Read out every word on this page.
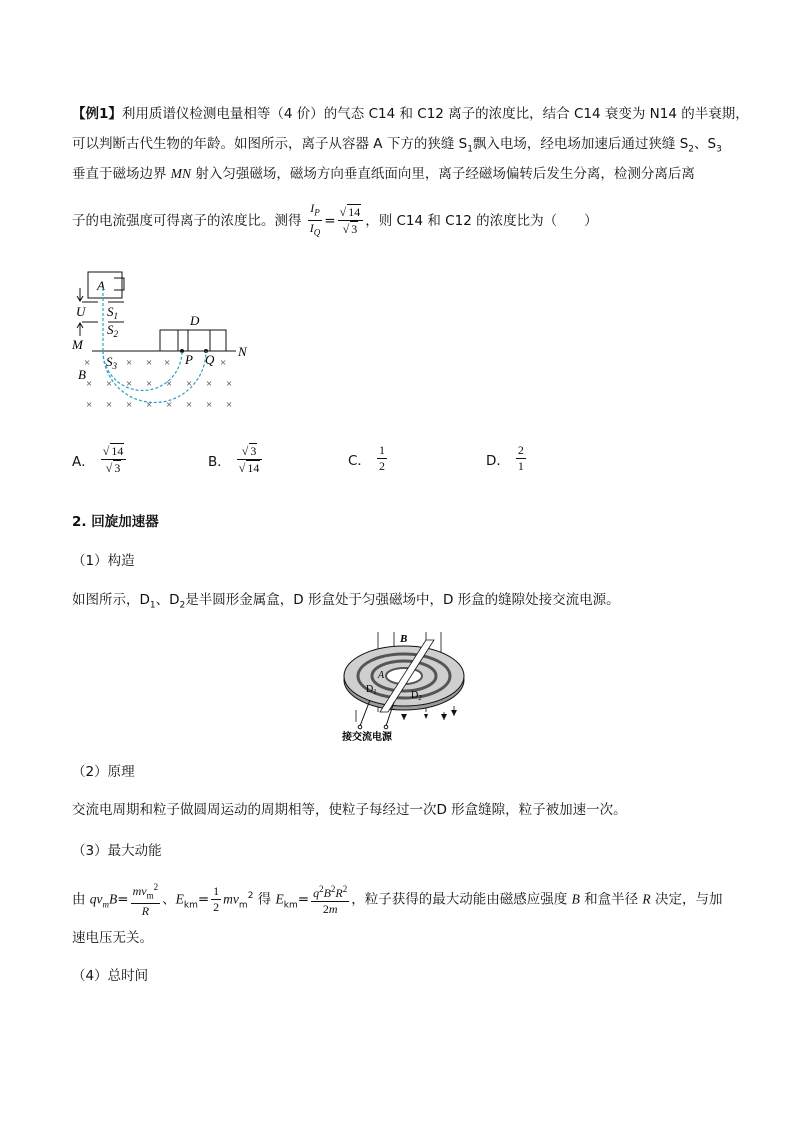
【例1】利用质谱仪检测电量相等（4 价）的气态 C14 和 C12 离子的浓度比，结合 C14 衰变为 N14 的半衰期，
可以判断古代生物的年龄。如图所示，离子从容器 A 下方的狭缝 $S_1$飘入电场，经电场加速后通过狭缝 $S_2$、$S_3$
垂直于磁场边界 MN 射入匀强磁场，磁场方向垂直纸面向里，离子经磁场偏转后发生分离，检测分离后离
子的电流强度可得离子的浓度比。测得 $\frac{I_P}{I_Q} = \frac{√ 14}{√ 3}$ ，则 C14 和 C12 的浓度比为（　　）
A
U $S_1$
$S_2$
M	N
$S_3$
D
P Q
B
×	× × ×	×
× × × × × × × ×
× × × × × × × ×
A． $\frac{√ 14}{√ 3}$	B． $\frac{√ 3}{√ 14}$	C． $\frac{1}{2}$	D． $\frac{2}{1}$
2. 回旋加速器
（1）构造
如图所示，$D_1$、$D_2$是半圆形金属盒，D 形盒处于匀强磁场中，D 形盒的缝隙处接交流电源。
B
A
$D_1$	$D_2$
接交流电源
（2）原理
交流电周期和粒子做圆周运动的周期相等，使粒子每经过一次D 形盒缝隙，粒子被加速一次。
（3）最大动能
由 $qv_mB= \frac{mv_m^2}{R}$ 、$E_{km}= \frac{1}{2} mv_m^2$ 得 $E_{km}= \frac{q^2B^2R^2}{2m}$ ，粒子获得的最大动能由磁感应强度 B 和盒半径 R 决定，与加
速电压无关。
（4）总时间
